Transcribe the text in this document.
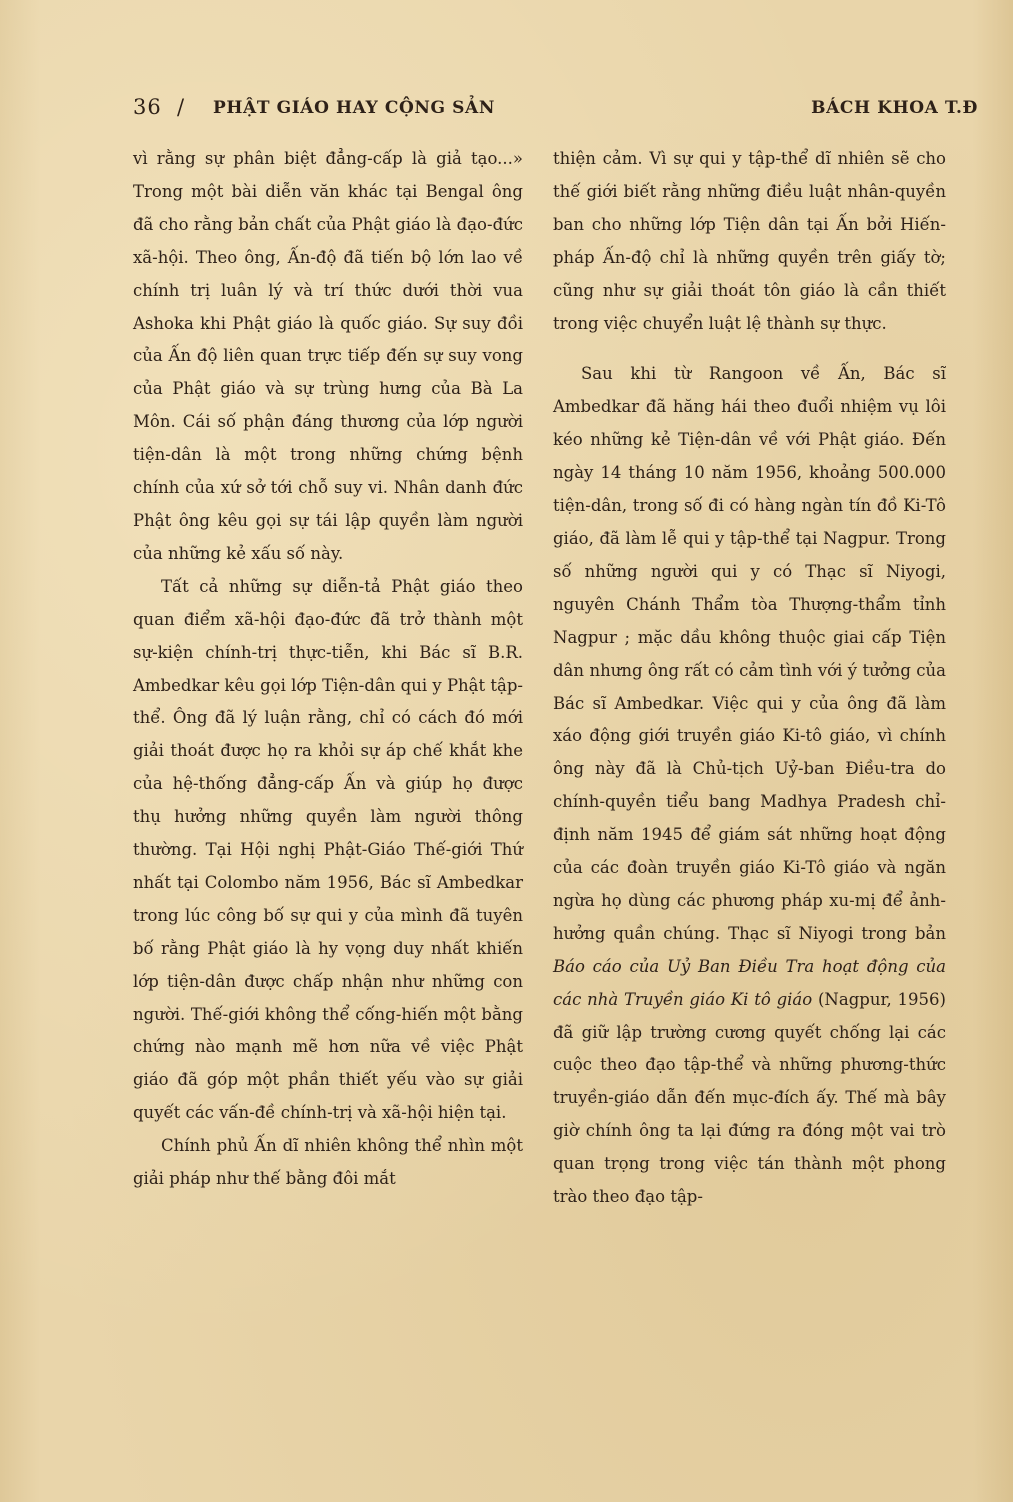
36 / PHẬT GIÁO HAY CỘNG SẢN	BÁCH KHOA T.Đ

vì rằng sự phân biệt đẳng-cấp là giả tạo...» Trong một bài diễn văn khác tại Bengal ông đã cho rằng bản chất của Phật giáo là đạo-đức xã-hội. Theo ông, Ấn-độ đã tiến bộ lớn lao về chính trị luân lý và trí thức dưới thời vua Ashoka khi Phật giáo là quốc giáo. Sự suy đồi của Ấn độ liên quan trực tiếp đến sự suy vong của Phật giáo và sự trùng hưng của Bà La Môn. Cái số phận đáng thương của lớp người tiện-dân là một trong những chứng bệnh chính của xứ sở tới chỗ suy vi. Nhân danh đức Phật ông kêu gọi sự tái lập quyền làm người của những kẻ xấu số này.

Tất cả những sự diễn-tả Phật giáo theo quan điểm xã-hội đạo-đức đã trở thành một sự-kiện chính-trị thực-tiễn, khi Bác sĩ B.R. Ambedkar kêu gọi lớp Tiện-dân qui y Phật tập-thể. Ông đã lý luận rằng, chỉ có cách đó mới giải thoát được họ ra khỏi sự áp chế khắt khe của hệ-thống đẳng-cấp Ấn và giúp họ được thụ hưởng những quyền làm người thông thường. Tại Hội nghị Phật-Giáo Thế-giới Thứ nhất tại Colombo năm 1956, Bác sĩ Ambedkar trong lúc công bố sự qui y của mình đã tuyên bố rằng Phật giáo là hy vọng duy nhất khiến lớp tiện-dân được chấp nhận như những con người. Thế-giới không thể cống-hiến một bằng chứng nào mạnh mẽ hơn nữa về việc Phật giáo đã góp một phần thiết yếu vào sự giải quyết các vấn-đề chính-trị và xã-hội hiện tại.

Chính phủ Ấn dĩ nhiên không thể nhìn một giải pháp như thế bằng đôi mắt

thiện cảm. Vì sự qui y tập-thể dĩ nhiên sẽ cho thế giới biết rằng những điều luật nhân-quyền ban cho những lớp Tiện dân tại Ấn bởi Hiến-pháp Ấn-độ chỉ là những quyền trên giấy tờ; cũng như sự giải thoát tôn giáo là cần thiết trong việc chuyển luật lệ thành sự thực.

Sau khi từ Rangoon về Ấn, Bác sĩ Ambedkar đã hăng hái theo đuổi nhiệm vụ lôi kéo những kẻ Tiện-dân về với Phật giáo. Đến ngày 14 tháng 10 năm 1956, khoảng 500.000 tiện-dân, trong số đi có hàng ngàn tín đồ Ki-Tô giáo, đã làm lễ qui y tập-thể tại Nagpur. Trong số những người qui y có Thạc sĩ Niyogi, nguyên Chánh Thẩm tòa Thượng-thẩm tỉnh Nagpur ; mặc dầu không thuộc giai cấp Tiện dân nhưng ông rất có cảm tình với ý tưởng của Bác sĩ Ambedkar. Việc qui y của ông đã làm xáo động giới truyền giáo Ki-tô giáo, vì chính ông này đã là Chủ-tịch Uỷ-ban Điều-tra do chính-quyền tiểu bang Madhya Pradesh chỉ-định năm 1945 để giám sát những hoạt động của các đoàn truyền giáo Ki-Tô giáo và ngăn ngừa họ dùng các phương pháp xu-mị để ảnh-hưởng quần chúng. Thạc sĩ Niyogi trong bản Báo cáo của Uỷ Ban Điều Tra hoạt động của các nhà Truyền giáo Ki tô giáo (Nagpur, 1956) đã giữ lập trường cương quyết chống lại các cuộc theo đạo tập-thể và những phương-thức truyền-giáo dẫn đến mục-đích ấy. Thế mà bây giờ chính ông ta lại đứng ra đóng một vai trò quan trọng trong việc tán thành một phong trào theo đạo tập-
